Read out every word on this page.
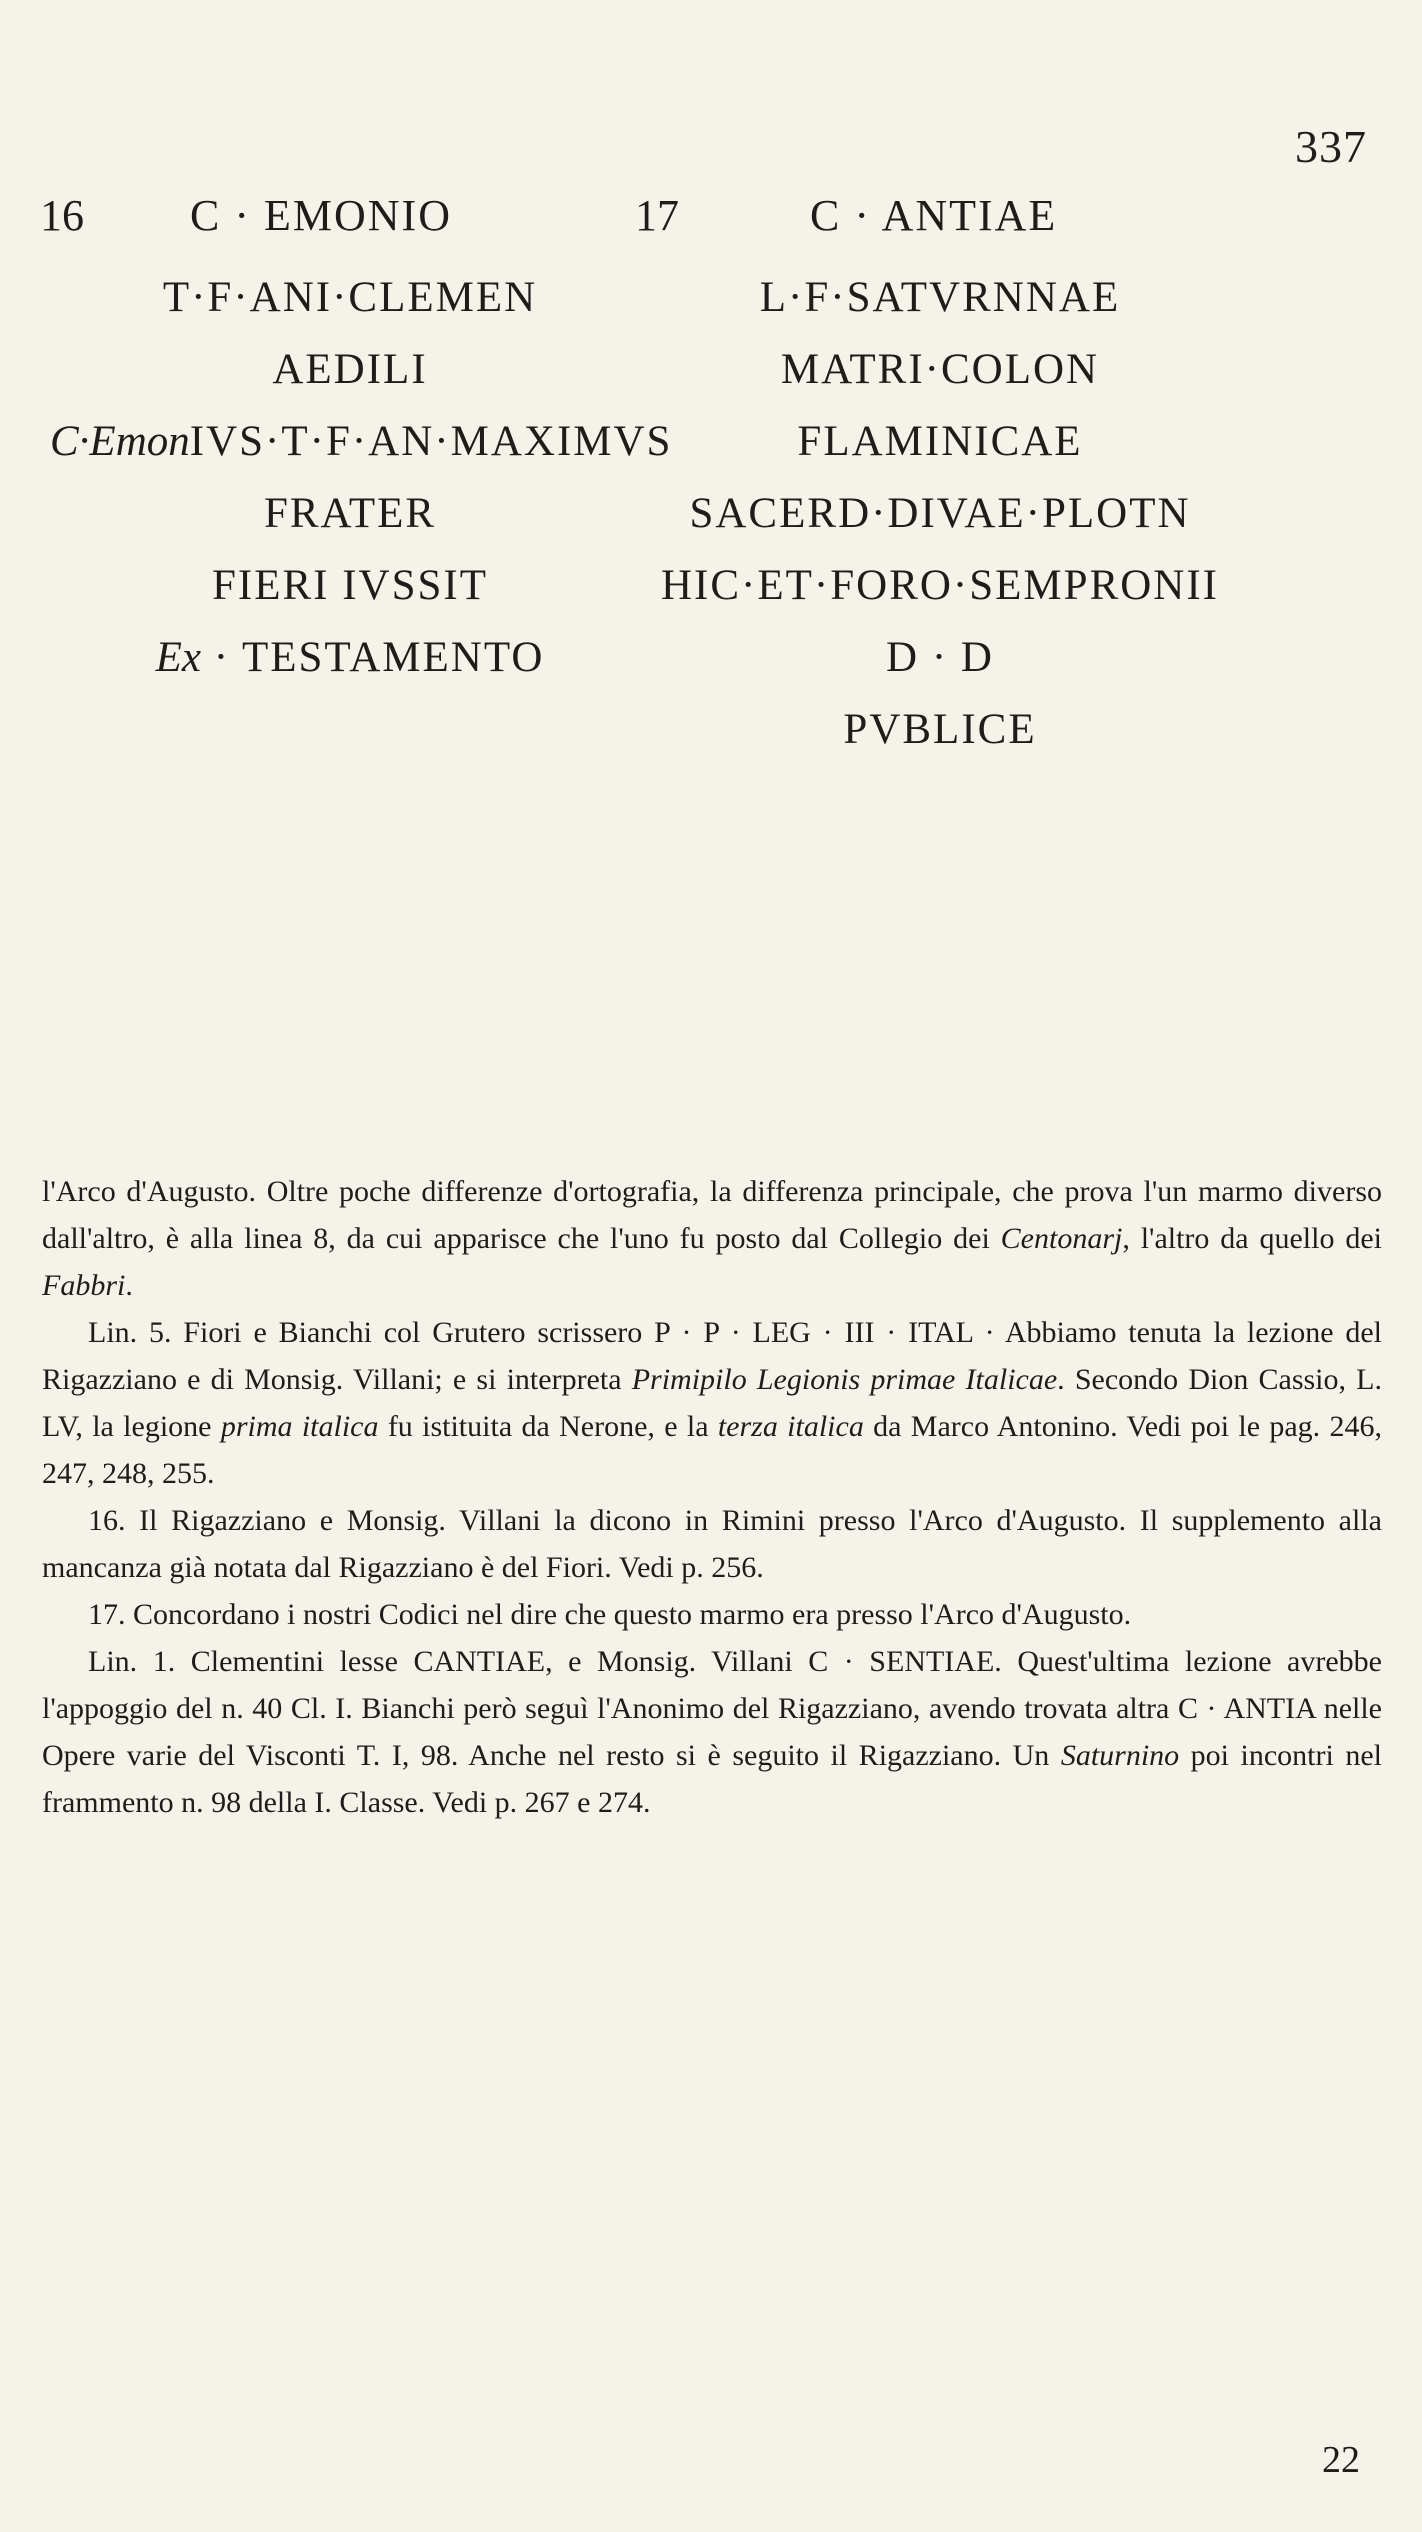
337
16 C · EMONIO
T·F·ANI·CLEMEN
AEDILI
C·EmonIVS·T·F·AN·MAXIMVS
FRATER
FIERI IVSSIT
Ex · TESTAMENTO
17	C · ANTIAE
L·F·SATVRNNAE
MATRI·COLON
FLAMINICAE
SACERD·DIVAE·PLOTN
HIC·ET·FORO·SEMPRONII
D · D
PVBLICE

l'Arco d'Augusto. Oltre poche differenze d'ortografia, la differenza principale, che prova l'un marmo diverso dall'altro, è alla linea 8, da cui apparisce che l'uno fu posto dal Collegio dei Centonarj, l'altro da quello dei Fabbri.

Lin. 5. Fiori e Bianchi col Grutero scrissero P · P · LEG · III · ITAL · Abbiamo tenuta la lezione del Rigazziano e di Monsig. Villani; e si interpreta Primipilo Legionis primae Italicae. Secondo Dion Cassio, L. LV, la legione prima italica fu istituita da Nerone, e la terza italica da Marco Antonino. Vedi poi le pag. 246, 247, 248, 255.

16. Il Rigazziano e Monsig. Villani la dicono in Rimini presso l'Arco d'Augusto. Il supplemento alla mancanza già notata dal Rigazziano è del Fiori. Vedi p. 256.

17. Concordano i nostri Codici nel dire che questo marmo era presso l'Arco d'Augusto.

Lin. 1. Clementini lesse CANTIAE, e Monsig. Villani C · SENTIAE. Quest'ultima lezione avrebbe l'appoggio del n. 40 Cl. I. Bianchi però seguì l'Anonimo del Rigazziano, avendo trovata altra C · ANTIA nelle Opere varie del Visconti T. I, 98. Anche nel resto si è seguito il Rigazziano. Un Saturnino poi incontri nel frammento n. 98 della I. Classe. Vedi p. 267 e 274.

22
